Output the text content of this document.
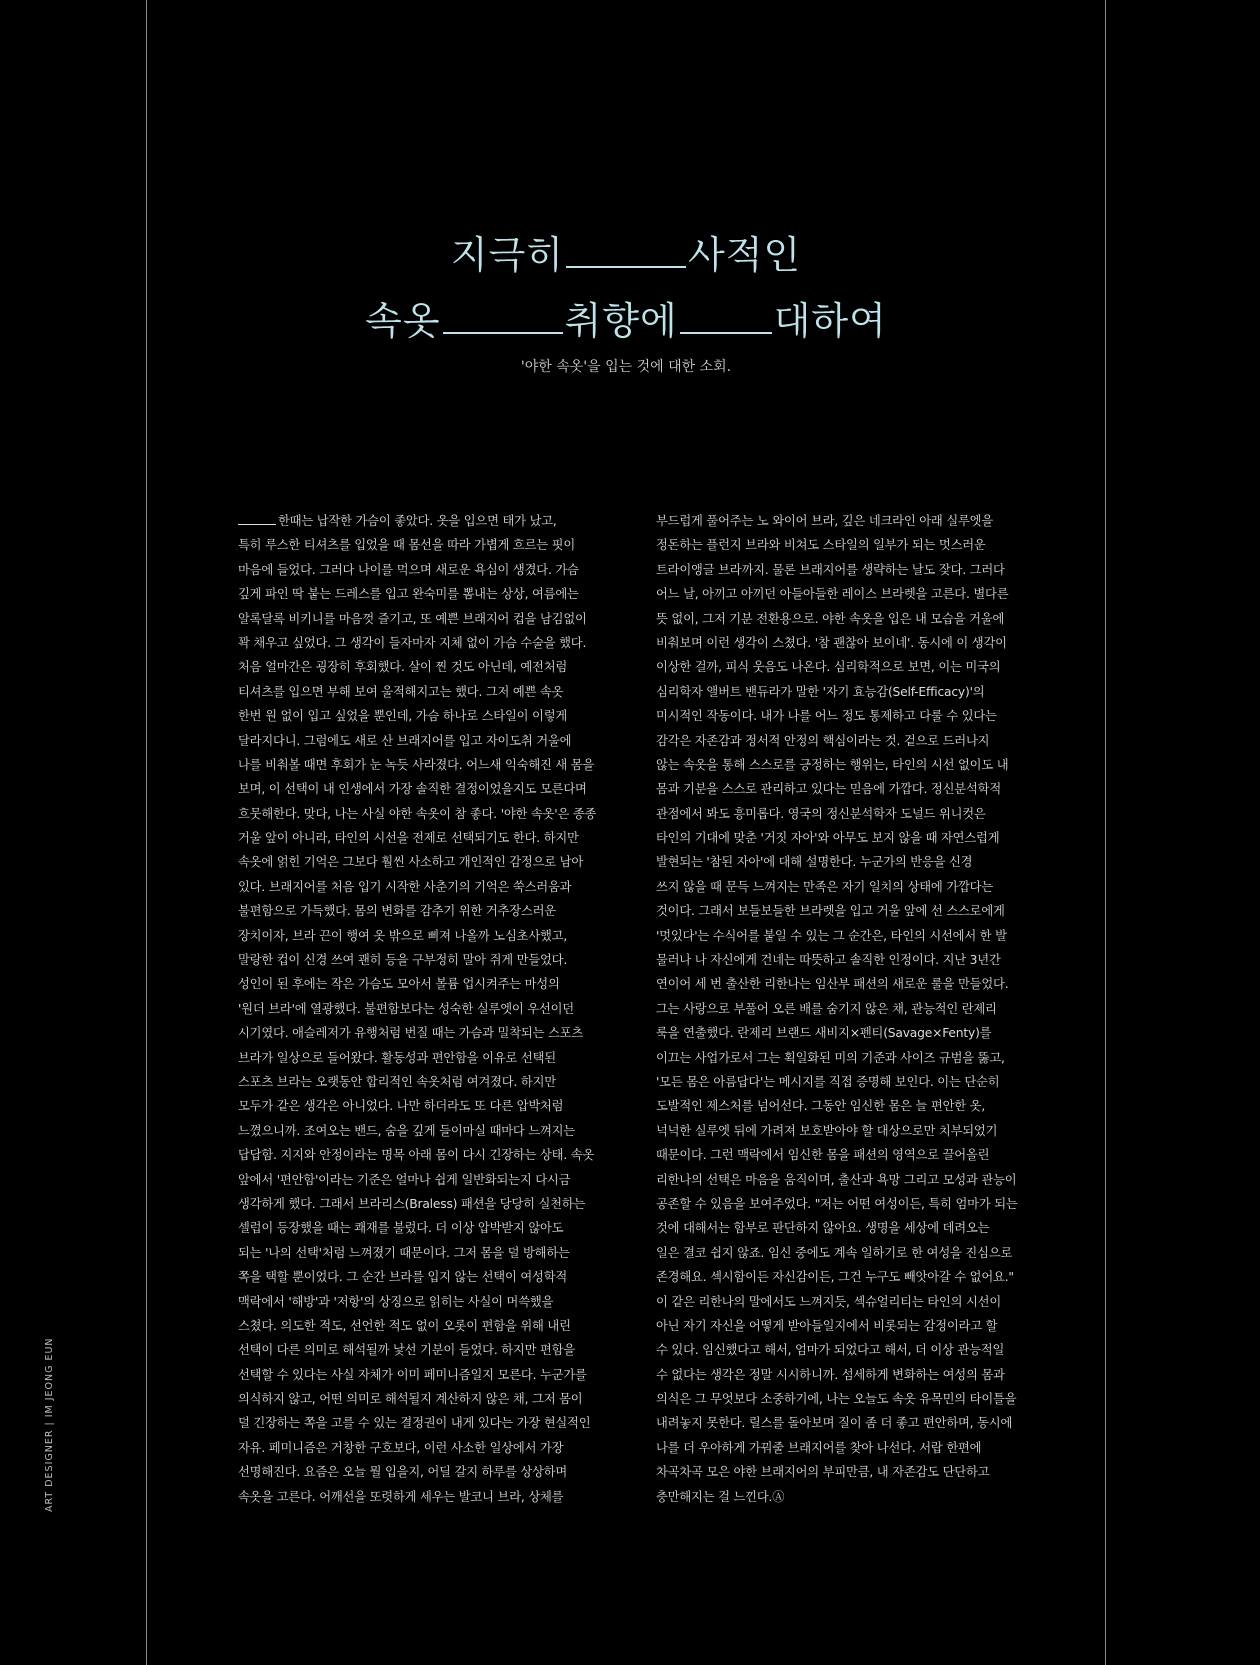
지극히	사적인
속옷	취향에	대하여
'야한 속옷'을 입는 것에 대한 소회.
한때는 납작한 가슴이 좋았다. 옷을 입으면 태가 났고,
특히 루스한 티셔츠를 입었을 때 몸선을 따라 가볍게 흐르는 핏이
마음에 들었다. 그러다 나이를 먹으며 새로운 욕심이 생겼다. 가슴
깊게 파인 딱 붙는 드레스를 입고 완숙미를 뽐내는 상상, 여름에는
알록달록 비키니를 마음껏 즐기고, 또 예쁜 브래지어 컵을 남김없이
꽉 채우고 싶었다. 그 생각이 들자마자 지체 없이 가슴 수술을 했다.
처음 얼마간은 굉장히 후회했다. 살이 찐 것도 아닌데, 예전처럼
티셔츠를 입으면 부해 보여 울적해지고는 했다. 그저 예쁜 속옷
한번 원 없이 입고 싶었을 뿐인데, 가슴 하나로 스타일이 이렇게
달라지다니. 그럼에도 새로 산 브래지어를 입고 자이도취 거울에
나를 비춰볼 때면 후회가 눈 녹듯 사라졌다. 어느새 익숙해진 새 몸을
보며, 이 선택이 내 인생에서 가장 솔직한 결정이었을지도 모른다며
흐뭇해한다. 맞다, 나는 사실 야한 속옷이 참 좋다. '야한 속옷'은 종종
거울 앞이 아니라, 타인의 시선을 전제로 선택되기도 한다. 하지만
속옷에 얽힌 기억은 그보다 훨씬 사소하고 개인적인 감정으로 남아
있다. 브래지어를 처음 입기 시작한 사춘기의 기억은 쑥스러움과
불편함으로 가득했다. 몸의 변화를 감추기 위한 거추장스러운
장치이자, 브라 끈이 행여 옷 밖으로 삐져 나올까 노심초사했고,
말랑한 컵이 신경 쓰여 괜히 등을 구부정히 말아 쥐게 만들었다.
성인이 된 후에는 작은 가슴도 모아서 볼륨 업시켜주는 마성의
'원더 브라'에 열광했다. 불편함보다는 성숙한 실루엣이 우선이던
시기였다. 애슬레저가 유행처럼 번질 때는 가슴과 밀착되는 스포츠
브라가 일상으로 들어왔다. 활동성과 편안함을 이유로 선택된
스포츠 브라는 오랫동안 합리적인 속옷처럼 여겨졌다. 하지만
모두가 같은 생각은 아니었다. 나만 하더라도 또 다른 압박처럼
느꼈으니까. 조여오는 밴드, 숨을 깊게 들이마실 때마다 느껴지는
답답함. 지지와 안정이라는 명목 아래 몸이 다시 긴장하는 상태. 속옷
앞에서 '편안함'이라는 기준은 얼마나 쉽게 일반화되는지 다시금
생각하게 했다. 그래서 브라리스(Braless) 패션을 당당히 실천하는
셀럽이 등장했을 때는 쾌재를 불렀다. 더 이상 압박받지 않아도
되는 '나의 선택'처럼 느껴졌기 때문이다. 그저 몸을 덜 방해하는
쪽을 택할 뿐이었다. 그 순간 브라를 입지 않는 선택이 여성학적
맥락에서 '해방'과 '저항'의 상징으로 읽히는 사실이 머쓱했을
스쳤다. 의도한 적도, 선언한 적도 없이 오롯이 편함을 위해 내린
선택이 다른 의미로 해석될까 낯선 기분이 들었다. 하지만 편함을
선택할 수 있다는 사실 자체가 이미 페미니즘일지 모른다. 누군가를
의식하지 않고, 어떤 의미로 해석될지 계산하지 않은 채, 그저 몸이
덜 긴장하는 쪽을 고를 수 있는 결정권이 내게 있다는 가장 현실적인
자유. 페미니즘은 거창한 구호보다, 이런 사소한 일상에서 가장
선명해진다. 요즘은 오늘 뭘 입을지, 어딜 갈지 하루를 상상하며
속옷을 고른다. 어깨선을 또렷하게 세우는 발코니 브라, 상체를
부드럽게 풀어주는 노 와이어 브라, 깊은 네크라인 아래 실루엣을
정돈하는 플런지 브라와 비쳐도 스타일의 일부가 되는 멋스러운
트라이앵글 브라까지. 물론 브래지어를 생략하는 날도 잦다. 그러다
어느 날, 아끼고 아끼던 아들아들한 레이스 브라렛을 고른다. 별다른
뜻 없이, 그저 기분 전환용으로. 야한 속옷을 입은 내 모습을 거울에
비춰보며 이런 생각이 스쳤다. '참 괜찮아 보이네'. 동시에 이 생각이
이상한 걸까, 피식 웃음도 나온다. 심리학적으로 보면, 이는 미국의
심리학자 앨버트 밴듀라가 말한 '자기 효능감(Self-Efficacy)'의
미시적인 작동이다. 내가 나를 어느 정도 통제하고 다룰 수 있다는
감각은 자존감과 정서적 안정의 핵심이라는 것. 겉으로 드러나지
않는 속옷을 통해 스스로를 긍정하는 행위는, 타인의 시선 없이도 내
몸과 기분을 스스로 관리하고 있다는 믿음에 가깝다. 정신분석학적
관점에서 봐도 흥미롭다. 영국의 정신분석학자 도널드 위니컷은
타인의 기대에 맞춘 '거짓 자아'와 아무도 보지 않을 때 자연스럽게
발현되는 '참된 자아'에 대해 설명한다. 누군가의 반응을 신경
쓰지 않을 때 문득 느껴지는 만족은 자기 일치의 상태에 가깝다는
것이다. 그래서 보들보들한 브라렛을 입고 거울 앞에 선 스스로에게
'멋있다'는 수식어를 붙일 수 있는 그 순간은, 타인의 시선에서 한 발
물러나 나 자신에게 건네는 따뜻하고 솔직한 인정이다. 지난 3년간
연이어 세 번 출산한 리한나는 임산부 패션의 새로운 룰을 만들었다.
그는 사랑으로 부풀어 오른 배를 숨기지 않은 채, 관능적인 란제리
룩을 연출했다. 란제리 브랜드 새비지×펜티(Savage×Fenty)를
이끄는 사업가로서 그는 획일화된 미의 기준과 사이즈 규범을 뚫고,
'모든 몸은 아름답다'는 메시지를 직접 증명해 보인다. 이는 단순히
도발적인 제스처를 넘어선다. 그동안 임신한 몸은 늘 편안한 옷,
넉넉한 실루엣 뒤에 가려져 보호받아야 할 대상으로만 치부되었기
때문이다. 그런 맥락에서 임신한 몸을 패션의 영역으로 끌어올린
리한나의 선택은 마음을 움직이며, 출산과 욕망 그리고 모성과 관능이
공존할 수 있음을 보여주었다. "저는 어떤 여성이든, 특히 엄마가 되는
것에 대해서는 함부로 판단하지 않아요. 생명을 세상에 데려오는
일은 결코 쉽지 않죠. 임신 중에도 계속 일하기로 한 여성을 진심으로
존경해요. 섹시함이든 자신감이든, 그건 누구도 빼앗아갈 수 없어요."
이 같은 리한나의 말에서도 느껴지듯, 섹슈얼리티는 타인의 시선이
아닌 자기 자신을 어떻게 받아들일지에서 비롯되는 감정이라고 할
수 있다. 임신했다고 해서, 엄마가 되었다고 해서, 더 이상 관능적일
수 없다는 생각은 정말 시시하니까. 섬세하게 변화하는 여성의 몸과
의식은 그 무엇보다 소중하기에, 나는 오늘도 속옷 유목민의 타이틀을
내려놓지 못한다. 릴스를 돌아보며 질이 좀 더 좋고 편안하며, 동시에
나를 더 우아하게 가꿔줄 브래지어를 찾아 나선다. 서랍 한편에
차곡차곡 모은 야한 브래지어의 부피만큼, 내 자존감도 단단하고
충만해지는 걸 느낀다.Ⓐ
ART DESIGNER | IM JEONG EUN
